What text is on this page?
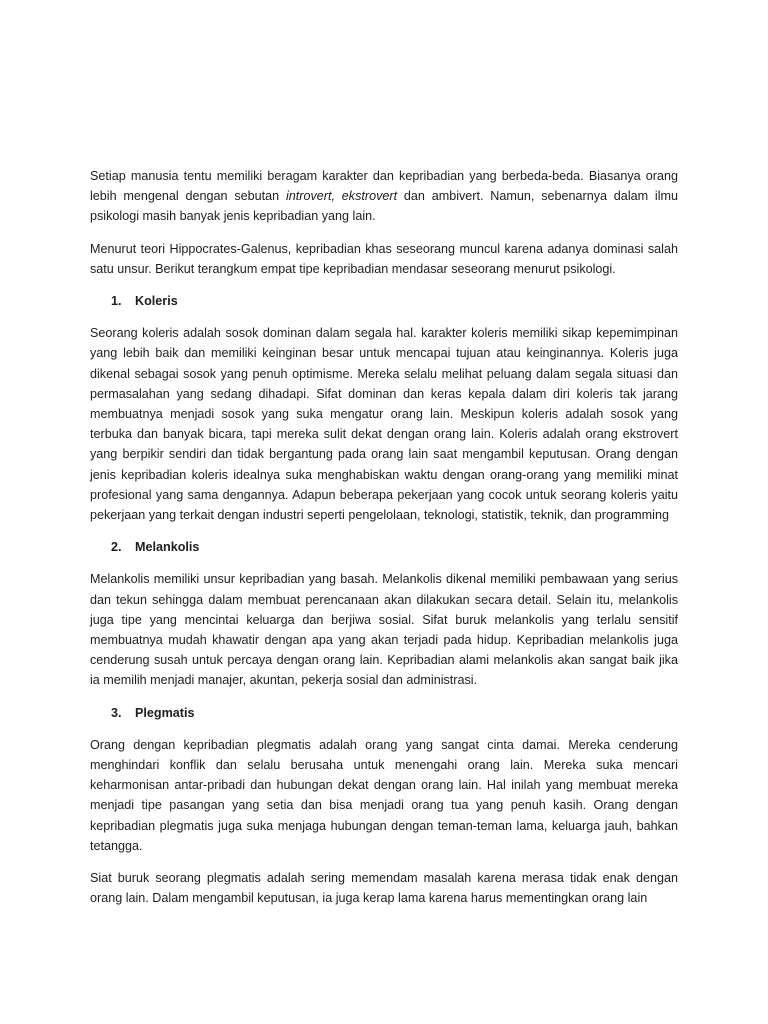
Setiap manusia tentu memiliki beragam karakter dan kepribadian yang berbeda-beda. Biasanya orang lebih mengenal dengan sebutan introvert, ekstrovert dan ambivert. Namun, sebenarnya dalam ilmu psikologi masih banyak jenis kepribadian yang lain.

Menurut teori Hippocrates-Galenus, kepribadian khas seseorang muncul karena adanya dominasi salah satu unsur. Berikut terangkum empat tipe kepribadian mendasar seseorang menurut psikologi.

1.	Koleris

Seorang koleris adalah sosok dominan dalam segala hal. karakter koleris memiliki sikap kepemimpinan yang lebih baik dan memiliki keinginan besar untuk mencapai tujuan atau keinginannya. Koleris juga dikenal sebagai sosok yang penuh optimisme. Mereka selalu melihat peluang dalam segala situasi dan permasalahan yang sedang dihadapi. Sifat dominan dan keras kepala dalam diri koleris tak jarang membuatnya menjadi sosok yang suka mengatur orang lain. Meskipun koleris adalah sosok yang terbuka dan banyak bicara, tapi mereka sulit dekat dengan orang lain. Koleris adalah orang ekstrovert yang berpikir sendiri dan tidak bergantung pada orang lain saat mengambil keputusan. Orang dengan jenis kepribadian koleris idealnya suka menghabiskan waktu dengan orang-orang yang memiliki minat profesional yang sama dengannya. Adapun beberapa pekerjaan yang cocok untuk seorang koleris yaitu pekerjaan yang terkait dengan industri seperti pengelolaan, teknologi, statistik, teknik, dan programming

2.	Melankolis

Melankolis memiliki unsur kepribadian yang basah. Melankolis dikenal memiliki pembawaan yang serius dan tekun sehingga dalam membuat perencanaan akan dilakukan secara detail. Selain itu, melankolis juga tipe yang mencintai keluarga dan berjiwa sosial. Sifat buruk melankolis yang terlalu sensitif membuatnya mudah khawatir dengan apa yang akan terjadi pada hidup. Kepribadian melankolis juga cenderung susah untuk percaya dengan orang lain. Kepribadian alami melankolis akan sangat baik jika ia memilih menjadi manajer, akuntan, pekerja sosial dan administrasi.

3.	Plegmatis

Orang dengan kepribadian plegmatis adalah orang yang sangat cinta damai. Mereka cenderung menghindari konflik dan selalu berusaha untuk menengahi orang lain. Mereka suka mencari keharmonisan antar-pribadi dan hubungan dekat dengan orang lain. Hal inilah yang membuat mereka menjadi tipe pasangan yang setia dan bisa menjadi orang tua yang penuh kasih. Orang dengan kepribadian plegmatis juga suka menjaga hubungan dengan teman-teman lama, keluarga jauh, bahkan tetangga.

Siat buruk seorang plegmatis adalah sering memendam masalah karena merasa tidak enak dengan orang lain. Dalam mengambil keputusan, ia juga kerap lama karena harus mementingkan orang lain
